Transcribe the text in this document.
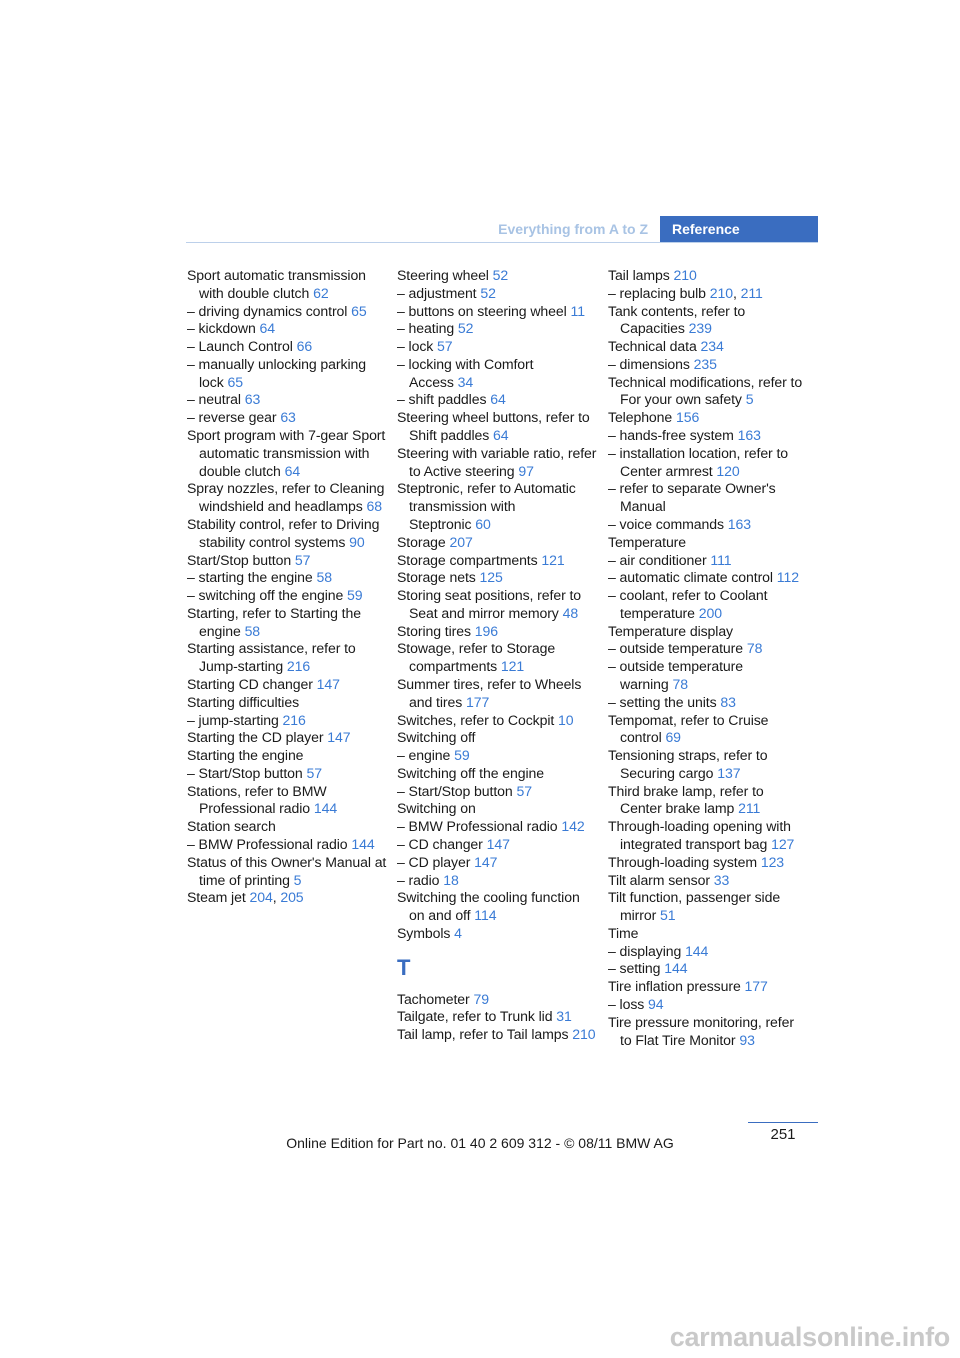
Everything from A to Z	Reference
Sport automatic transmission with double clutch 62
– driving dynamics control 65
– kickdown 64
– Launch Control 66
– manually unlocking parking lock 65
– neutral 63
– reverse gear 63
Sport program with 7-gear Sport automatic transmission with double clutch 64
Spray nozzles, refer to Cleaning windshield and headlamps 68
Stability control, refer to Driving stability control systems 90
Start/Stop button 57
– starting the engine 58
– switching off the engine 59
Starting, refer to Starting the engine 58
Starting assistance, refer to Jump-starting 216
Starting CD changer 147
Starting difficulties
– jump-starting 216
Starting the CD player 147
Starting the engine
– Start/Stop button 57
Stations, refer to BMW Professional radio 144
Station search
– BMW Professional radio 144
Status of this Owner's Manual at time of printing 5
Steam jet 204, 205
Steering wheel 52
– adjustment 52
– buttons on steering wheel 11
– heating 52
– lock 57
– locking with Comfort Access 34
– shift paddles 64
Steering wheel buttons, refer to Shift paddles 64
Steering with variable ratio, refer to Active steering 97
Steptronic, refer to Automatic transmission with Steptronic 60
Storage 207
Storage compartments 121
Storage nets 125
Storing seat positions, refer to Seat and mirror memory 48
Storing tires 196
Stowage, refer to Storage compartments 121
Summer tires, refer to Wheels and tires 177
Switches, refer to Cockpit 10
Switching off
– engine 59
Switching off the engine
– Start/Stop button 57
Switching on
– BMW Professional radio 142
– CD changer 147
– CD player 147
– radio 18
Switching the cooling function on and off 114
Symbols 4
T
Tachometer 79
Tailgate, refer to Trunk lid 31
Tail lamp, refer to Tail lamps 210
Tail lamps 210
– replacing bulb 210, 211
Tank contents, refer to Capacities 239
Technical data 234
– dimensions 235
Technical modifications, refer to For your own safety 5
Telephone 156
– hands-free system 163
– installation location, refer to Center armrest 120
– refer to separate Owner's Manual
– voice commands 163
Temperature
– air conditioner 111
– automatic climate control 112
– coolant, refer to Coolant temperature 200
Temperature display
– outside temperature 78
– outside temperature warning 78
– setting the units 83
Tempomat, refer to Cruise control 69
Tensioning straps, refer to Securing cargo 137
Third brake lamp, refer to Center brake lamp 211
Through-loading opening with integrated transport bag 127
Through-loading system 123
Tilt alarm sensor 33
Tilt function, passenger side mirror 51
Time
– displaying 144
– setting 144
Tire inflation pressure 177
– loss 94
Tire pressure monitoring, refer to Flat Tire Monitor 93
251
Online Edition for Part no. 01 40 2 609 312 - © 08/11 BMW AG
carmanualsonline.info
